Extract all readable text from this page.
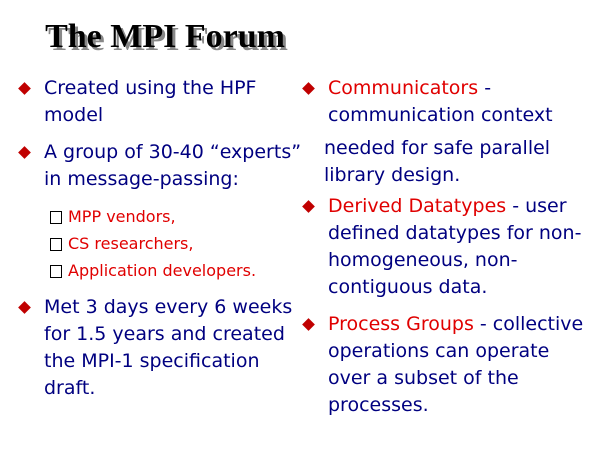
The MPI Forum
Created using the HPF model
A group of 30-40 “experts” in message-passing:
MPP vendors,
CS researchers,
Application developers.
Met 3 days every 6 weeks for 1.5 years and created the MPI-1 specification draft.
Communicators - communication context
needed for safe parallel library design.
Derived Datatypes - user defined datatypes for non-homogeneous, non-contiguous data.
Process Groups - collective operations can operate over a subset of the processes.
